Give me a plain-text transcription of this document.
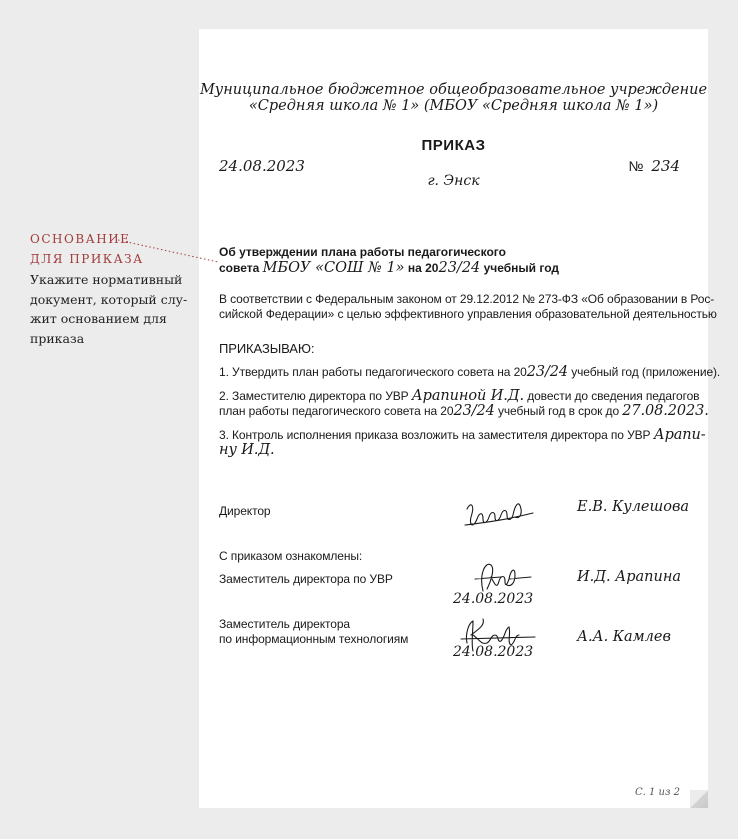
ОСНОВАНИЕ
ДЛЯ ПРИКАЗА
Укажите нормативный
документ, который слу-
жит основанием для
приказа
Муниципальное бюджетное общеобразовательное учреждение
«Средняя школа № 1» (МБОУ «Средняя школа № 1»)
ПРИКАЗ
24.08.2023	№ 234
г. Энск
Об утверждении плана работы педагогического
совета МБОУ «СОШ № 1» на 2023/24 учебный год
В соответствии с Федеральным законом от 29.12.2012 № 273-ФЗ «Об образовании в Рос-
сийской Федерации» с целью эффективного управления образовательной деятельностью
ПРИКАЗЫВАЮ:
1. Утвердить план работы педагогического совета на 2023/24 учебный год (приложение).
2. Заместителю директора по УВР Арапиной И.Д. довести до сведения педагогов
план работы педагогического совета на 2023/24 учебный год в срок до 27.08.2023.
3. Контроль исполнения приказа возложить на заместителя директора по УВР Арапи-
ну И.Д.
Директор	Е.В. Кулешова
С приказом ознакомлены:
Заместитель директора по УВР
24.08.2023
И.Д. Арапина
Заместитель директора
по информационным технологиям
24.08.2023
А.А. Камлев
С. 1 из 2
